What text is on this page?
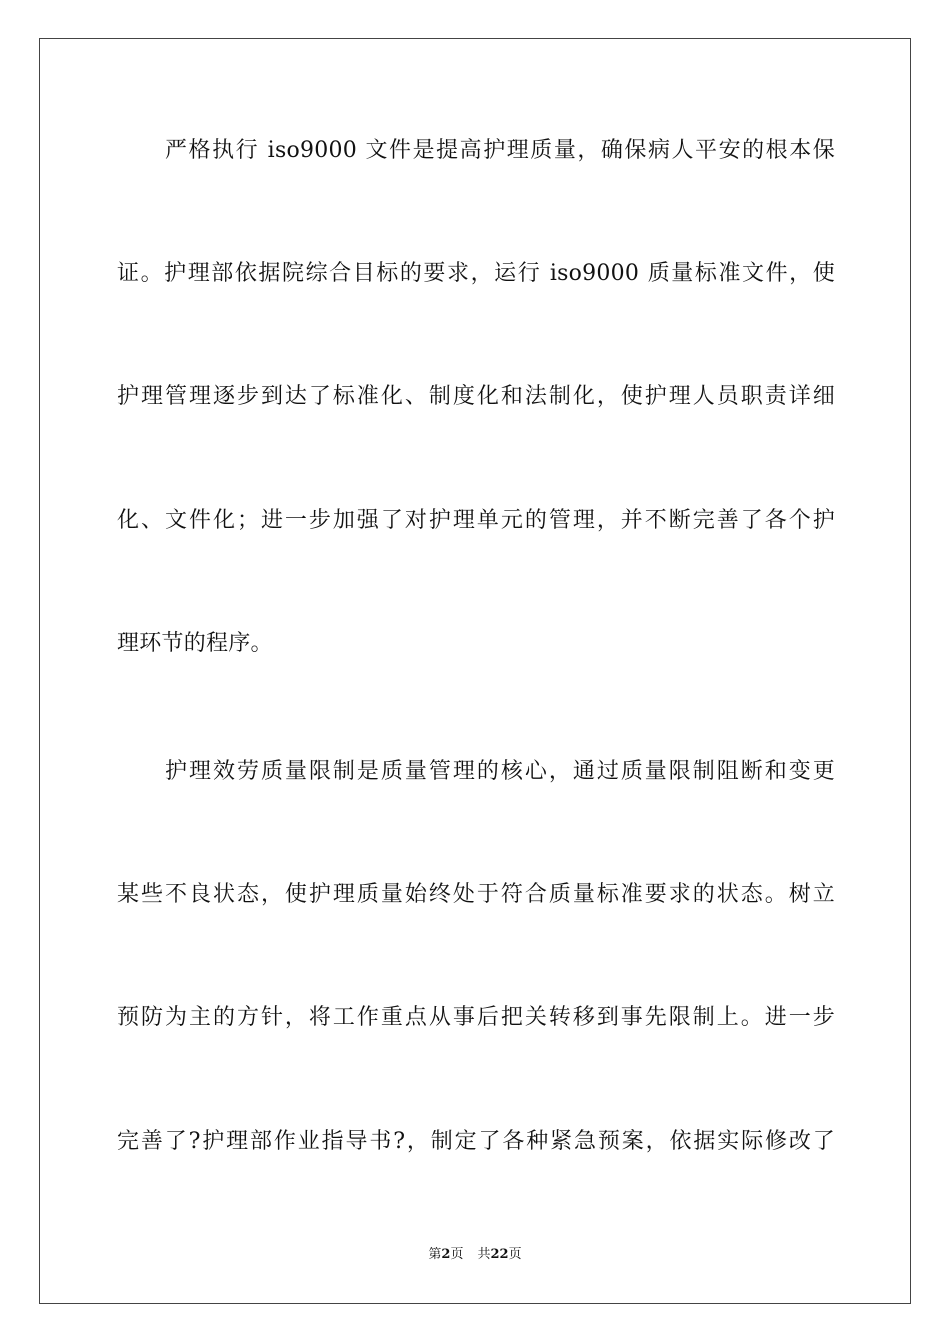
严格执行 iso9000 文件是提高护理质量，确保病人平安的根本保
证。护理部依据院综合目标的要求，运行 iso9000 质量标准文件，使
护理管理逐步到达了标准化、制度化和法制化，使护理人员职责详细
化、文件化；进一步加强了对护理单元的管理，并不断完善了各个护
理环节的程序。
护理效劳质量限制是质量管理的核心，通过质量限制阻断和变更
某些不良状态，使护理质量始终处于符合质量标准要求的状态。树立
预防为主的方针，将工作重点从事后把关转移到事先限制上。进一步
完善了?护理部作业指导书?，制定了各种紧急预案，依据实际修改了
第2页 共22页
